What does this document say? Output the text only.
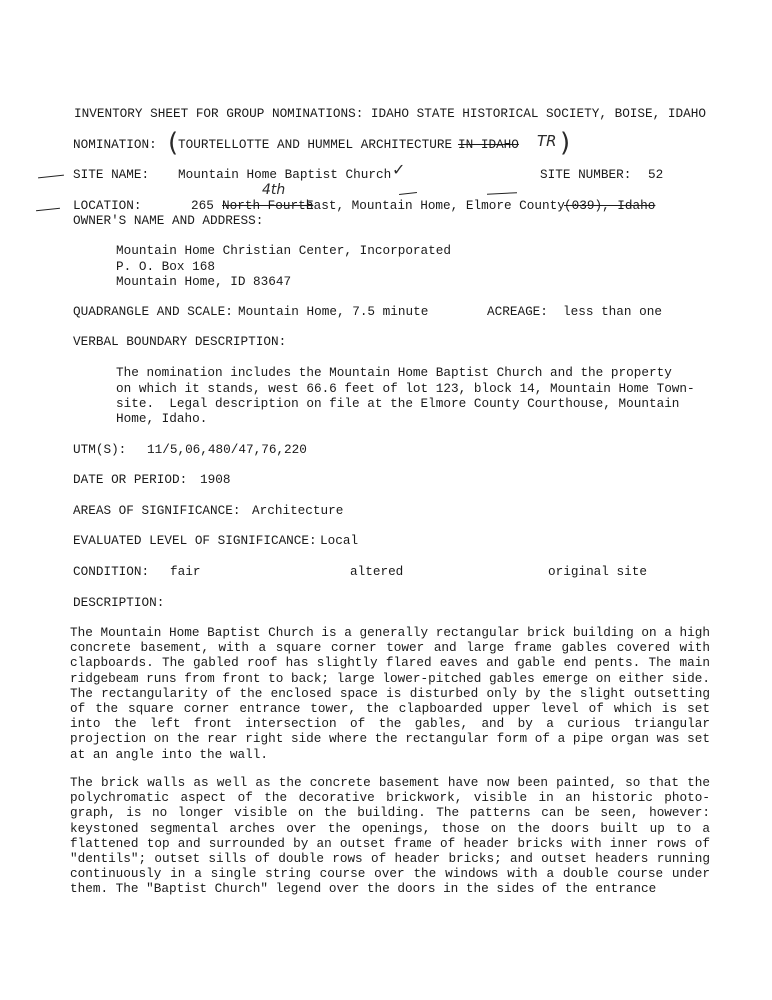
INVENTORY SHEET FOR GROUP NOMINATIONS: IDAHO STATE HISTORICAL SOCIETY, BOISE, IDAHO
NOMINATION: ( TOURTELLOTTE AND HUMMEL ARCHITECTURE IN IDAHO TR )
SITE NAME: Mountain Home Baptist Church ✓	SITE NUMBER: 52
LOCATION:	265 North Fourth
4th
East, Mountain Home, Elmore County (039), Idaho
OWNER'S NAME AND ADDRESS:
Mountain Home Christian Center, Incorporated
P. O. Box 168
Mountain Home, ID 83647
QUADRANGLE AND SCALE: Mountain Home, 7.5 minute	ACREAGE: less than one
VERBAL BOUNDARY DESCRIPTION:
The nomination includes the Mountain Home Baptist Church and the property
on which it stands, west 66.6 feet of lot 123, block 14, Mountain Home Town-
site.  Legal description on file at the Elmore County Courthouse, Mountain
Home, Idaho.
UTM(S): 11/5,06,480/47,76,220
DATE OR PERIOD: 1908
AREAS OF SIGNIFICANCE: Architecture
EVALUATED LEVEL OF SIGNIFICANCE: Local
CONDITION: fair	altered	original site
DESCRIPTION:
The Mountain Home Baptist Church is a generally rectangular brick building on a high concrete basement, with a square corner tower and large frame gables covered with clapboards. The gabled roof has slightly flared eaves and gable end pents. The main ridgebeam runs from front to back; large lower-pitched gables emerge on either side. The rectangularity of the enclosed space is disturbed only by the slight outsetting of the square corner entrance tower, the clapboarded upper level of which is set into the left front intersection of the gables, and by a curious triangular projection on the rear right side where the rectangular form of a pipe organ was set at an angle into the wall.
The brick walls as well as the concrete basement have now been painted, so that the polychromatic aspect of the decorative brickwork, visible in an historic photo-graph, is no longer visible on the building. The patterns can be seen, however: keystoned segmental arches over the openings, those on the doors built up to a flattened top and surrounded by an outset frame of header bricks with inner rows of "dentils"; outset sills of double rows of header bricks; and outset headers running continuously in a single string course over the windows with a double course under them. The "Baptist Church" legend over the doors in the sides of the entrance
